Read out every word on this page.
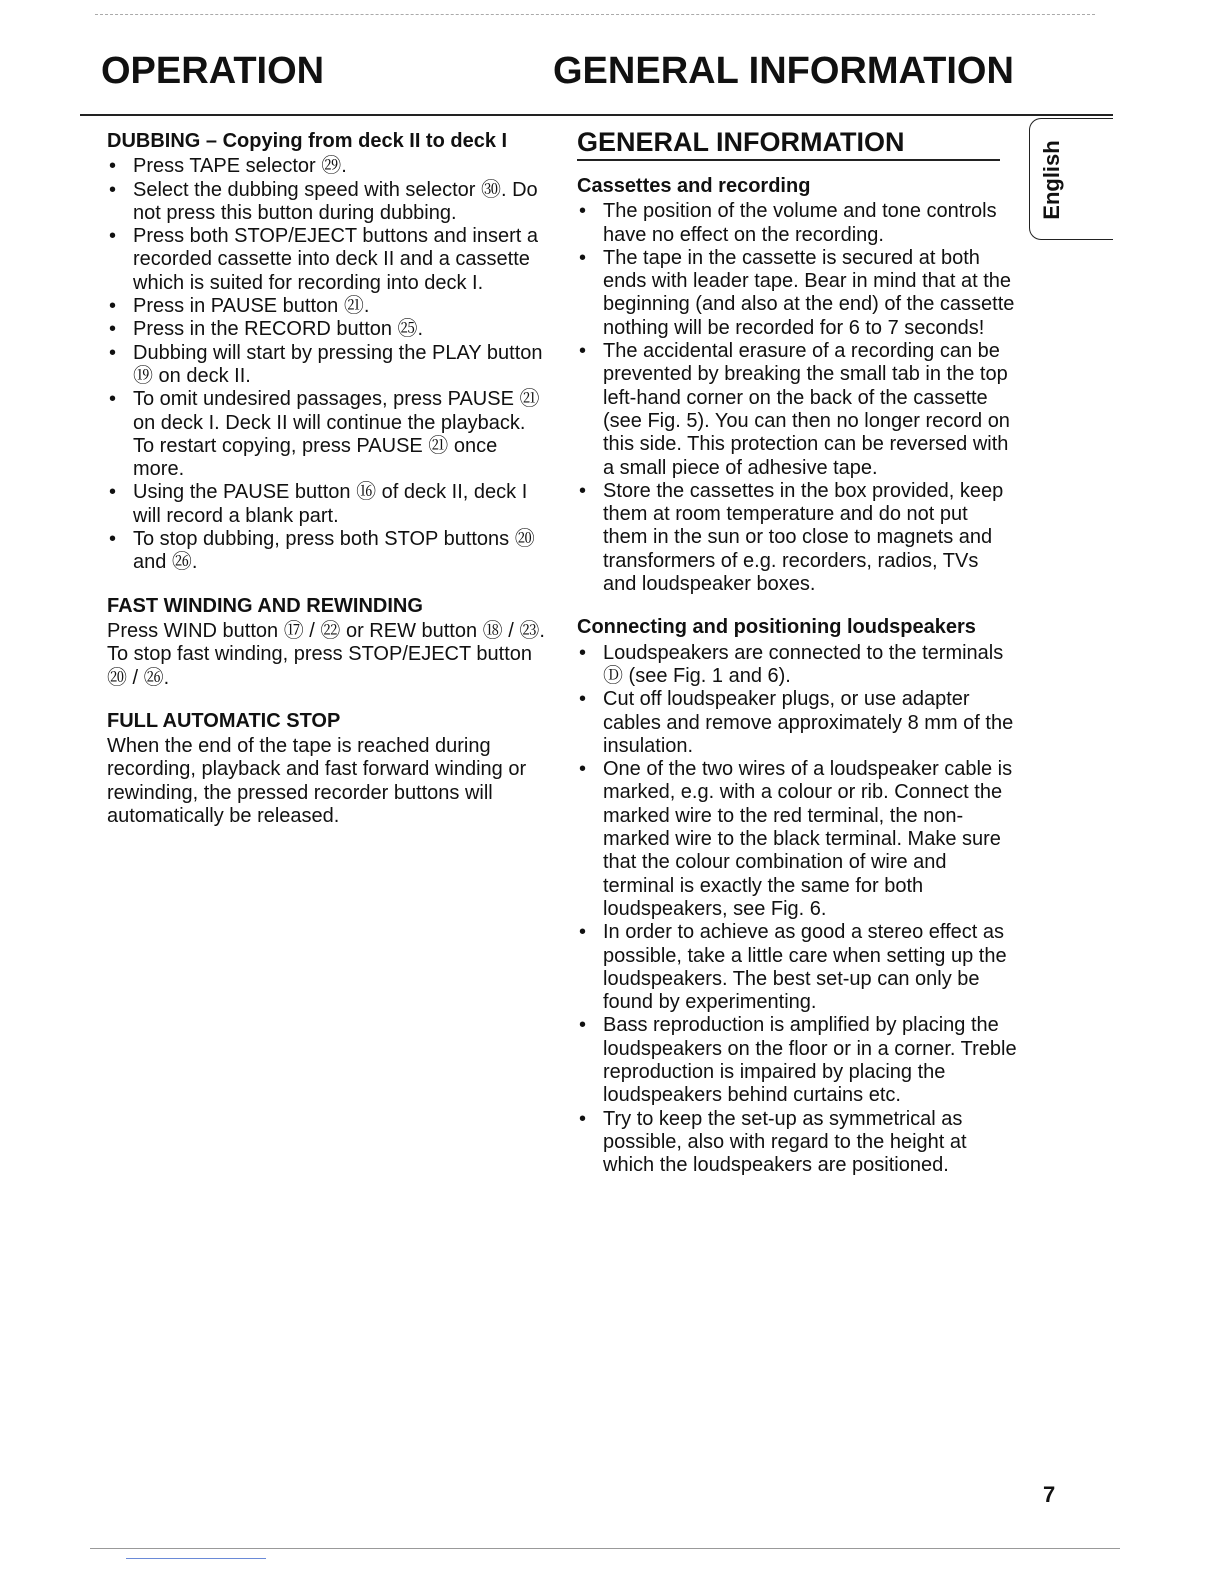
OPERATION	GENERAL INFORMATION
English
DUBBING – Copying from deck II to deck I
• Press TAPE selector ㉙.
• Select the dubbing speed with selector ㉚. Do not press this button during dubbing.
• Press both STOP/EJECT buttons and insert a recorded cassette into deck II and a cassette which is suited for recording into deck I.
• Press in PAUSE button ㉑.
• Press in the RECORD button ㉕.
• Dubbing will start by pressing the PLAY button ⑲ on deck II.
• To omit undesired passages, press PAUSE ㉑ on deck I. Deck II will continue the playback. To restart copying, press PAUSE ㉑ once more.
• Using the PAUSE button ⑯ of deck II, deck I will record a blank part.
• To stop dubbing, press both STOP buttons ⑳ and ㉖.
FAST WINDING AND REWINDING

Press WIND button ⑰ / ㉒ or REW button ⑱ / ㉓. To stop fast winding, press STOP/EJECT button ⑳ / ㉖.

FULL AUTOMATIC STOP

When the end of the tape is reached during recording, playback and fast forward winding or rewinding, the pressed recorder buttons will automatically be released.

GENERAL INFORMATION
Cassettes and recording
• The position of the volume and tone controls have no effect on the recording.
• The tape in the cassette is secured at both ends with leader tape. Bear in mind that at the beginning (and also at the end) of the cassette nothing will be recorded for 6 to 7 seconds!
• The accidental erasure of a recording can be prevented by breaking the small tab in the top left-hand corner on the back of the cassette (see Fig. 5). You can then no longer record on this side. This protection can be reversed with a small piece of adhesive tape.
• Store the cassettes in the box provided, keep them at room temperature and do not put them in the sun or too close to magnets and transformers of e.g. recorders, radios, TVs and loudspeaker boxes.
Connecting and positioning loudspeakers
• Loudspeakers are connected to the terminals Ⓓ (see Fig. 1 and 6).
• Cut off loudspeaker plugs, or use adapter cables and remove approximately 8 mm of the insulation.
• One of the two wires of a loudspeaker cable is marked, e.g. with a colour or rib. Connect the marked wire to the red terminal, the non-marked wire to the black terminal. Make sure that the colour combination of wire and terminal is exactly the same for both loudspeakers, see Fig. 6.
• In order to achieve as good a stereo effect as possible, take a little care when setting up the loudspeakers. The best set-up can only be found by experimenting.
• Bass reproduction is amplified by placing the loudspeakers on the floor or in a corner. Treble reproduction is impaired by placing the loudspeakers behind curtains etc.
• Try to keep the set-up as symmetrical as possible, also with regard to the height at which the loudspeakers are positioned.
7
